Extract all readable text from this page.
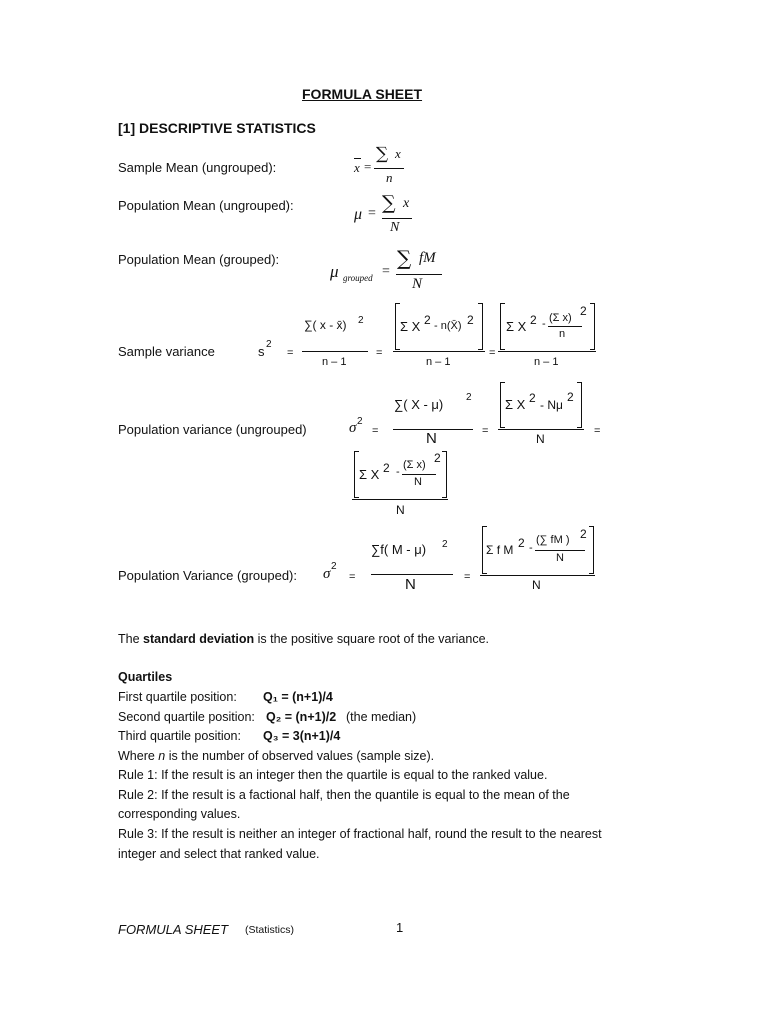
FORMULA SHEET
[1] DESCRIPTIVE STATISTICS
Sample Mean (ungrouped):	x =
∑ x
n
Population Mean (ungrouped):
μ = ∑ x
N
Population Mean (grouped):
μ grouped =
∑ fM
N
Sample variance	s 2
=
∑( x - x̄) 2
n – 1
=
Σ X 2 - n(X̄) 2
n – 1
=
Σ X 2 - (Σ x) 2
n
n – 1
Population variance (ungrouped)	σ 2
=
∑( X - μ) 2
N	=
Σ X 2 - Nμ
2
N
=
Σ X 2 -
(Σ x) 2
N
N
Population Variance (grouped): σ 2
=
∑f( M - μ) 2
N	=
Σ f M 2 -
(∑ fM ) 2
N
N
The standard deviation is the positive square root of the variance.
Quartiles
First quartile position: Q₁ = (n+1)/4
Second quartile position: Q₂ = (n+1)/2 (the median)
Third quartile position: Q₃ = 3(n+1)/4
Where n is the number of observed values (sample size).
Rule 1: If the result is an integer then the quartile is equal to the ranked value.
Rule 2: If the result is a factional half, then the quantile is equal to the mean of the
corresponding values.
Rule 3: If the result is neither an integer of fractional half, round the result to the nearest
integer and select that ranked value.
FORMULA SHEET (Statistics)	1
